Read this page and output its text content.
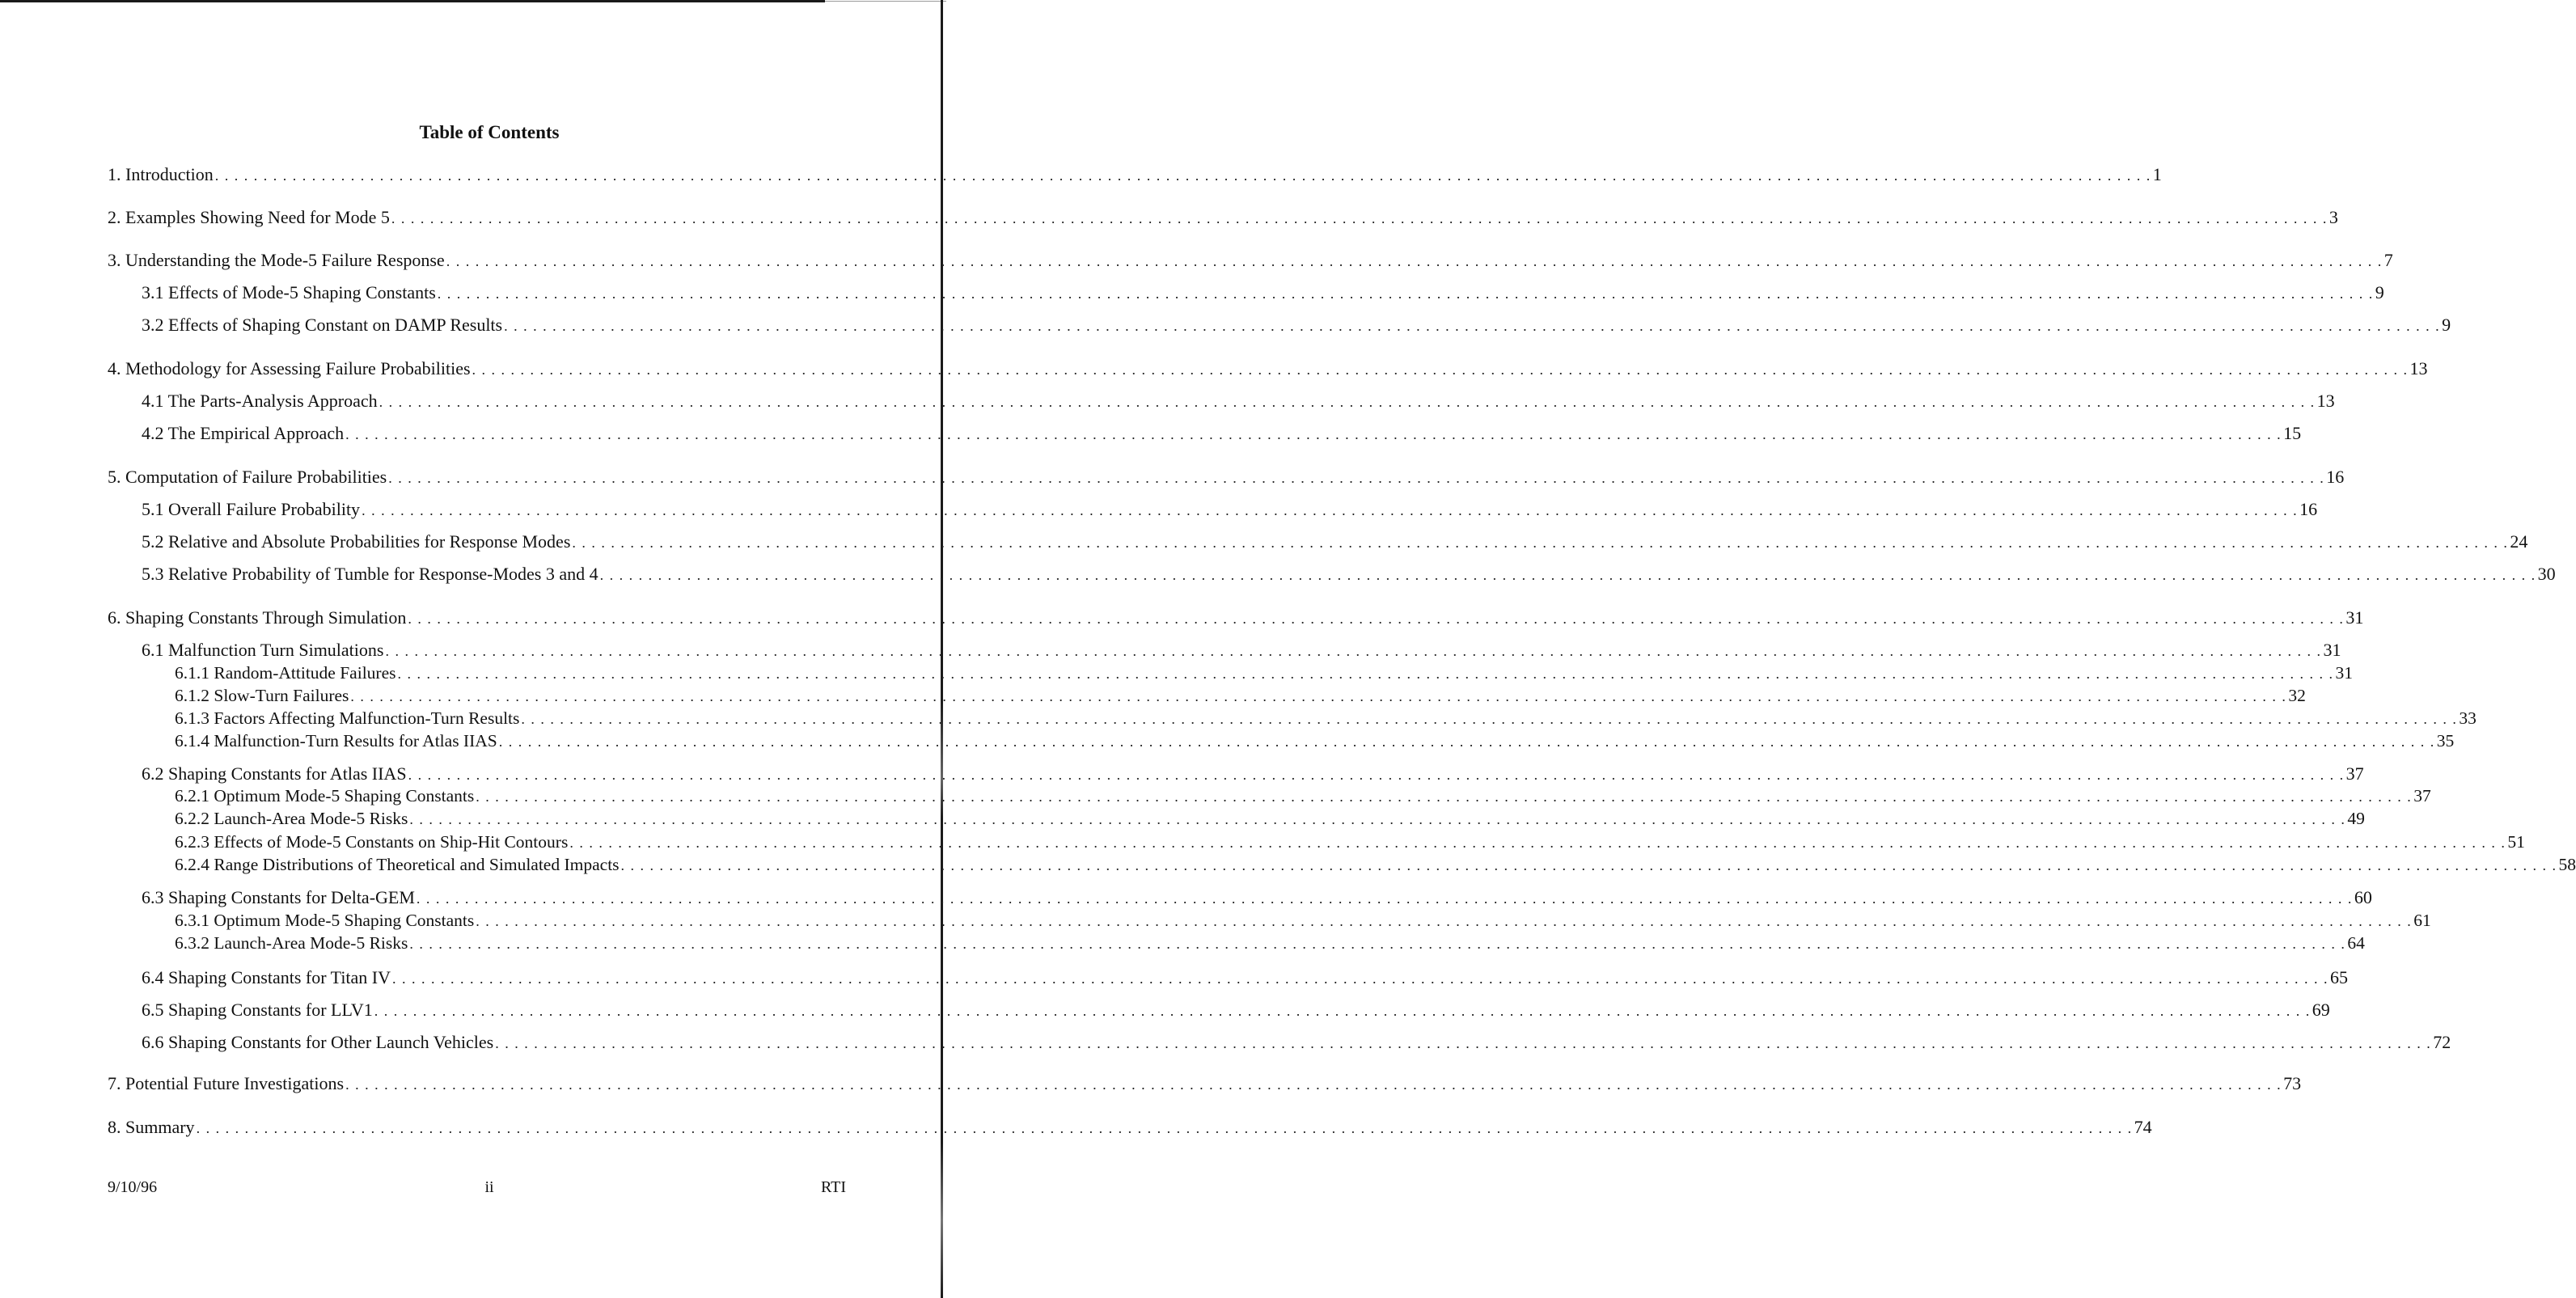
Table of Contents
1. Introduction . . . . . . . . . . . . . . . . . . . . . . . . . . . . . . . . . . . . . . . . . . . . . . . . . . . . . . . . . . . . . . . . . . . . . . . . . . . . . . . . . . . . . . . . . . . . . . . . . . . . . . . . . . . . . . . . . . . . . . . . . . . . . . . . . . . . . . . . . . . . . . . . . . . . . . . . . . . . . . . . . . . . . . . . . . . . . . . . . . . . . . . . . . . . . . . . . . . . . . . . 1
2. Examples Showing Need for Mode 5 . . . . . . . . . . . . . . . . . . . . . . . . . . . . . . . . . . . . . . . . . . . . . . . . . . . . . . . . . . . . . . . . . . . . . . . . . . . . . . . . . . . . . . . . . . . . . . . . . . . . . . . . . . . . . . . . . . . . . . . . . . . . . . . . . . . . . . . . . . . . . . . . . . . . . . . . . . . . . . . . . . . . . . . . . . . . . . . . . . . . . . . . . . . . . . . . . . . . . . . . 3
3. Understanding the Mode-5 Failure Response . . . . . . . . . . . . . . . . . . . . . . . . . . . . . . . . . . . . . . . . . . . . . . . . . . . . . . . . . . . . . . . . . . . . . . . . . . . . . . . . . . . . . . . . . . . . . . . . . . . . . . . . . . . . . . . . . . . . . . . . . . . . . . . . . . . . . . . . . . . . . . . . . . . . . . . . . . . . . . . . . . . . . . . . . . . . . . . . . . . . . . . . . . . . . . . . . . . . . . . . 7
3.1 Effects of Mode-5 Shaping Constants . . . . . . . . . . . . . . . . . . . . . . . . . . . . . . . . . . . . . . . . . . . . . . . . . . . . . . . . . . . . . . . . . . . . . . . . . . . . . . . . . . . . . . . . . . . . . . . . . . . . . . . . . . . . . . . . . . . . . . . . . . . . . . . . . . . . . . . . . . . . . . . . . . . . . . . . . . . . . . . . . . . . . . . . . . . . . . . . . . . . . . . . . . . . . . . . . . . . . . . . 9
3.2 Effects of Shaping Constant on DAMP Results . . . . . . . . . . . . . . . . . . . . . . . . . . . . . . . . . . . . . . . . . . . . . . . . . . . . . . . . . . . . . . . . . . . . . . . . . . . . . . . . . . . . . . . . . . . . . . . . . . . . . . . . . . . . . . . . . . . . . . . . . . . . . . . . . . . . . . . . . . . . . . . . . . . . . . . . . . . . . . . . . . . . . . . . . . . . . . . . . . . . . . . . . . . . . . . . . . . . . . . . 9
4. Methodology for Assessing Failure Probabilities . . . . . . . . . . . . . . . . . . . . . . . . . . . . . . . . . . . . . . . . . . . . . . . . . . . . . . . . . . . . . . . . . . . . . . . . . . . . . . . . . . . . . . . . . . . . . . . . . . . . . . . . . . . . . . . . . . . . . . . . . . . . . . . . . . . . . . . . . . . . . . . . . . . . . . . . . . . . . . . . . . . . . . . . . . . . . . . . . . . . . . . . . . . . . . . . . . . . . . . . 13
4.1 The Parts-Analysis Approach . . . . . . . . . . . . . . . . . . . . . . . . . . . . . . . . . . . . . . . . . . . . . . . . . . . . . . . . . . . . . . . . . . . . . . . . . . . . . . . . . . . . . . . . . . . . . . . . . . . . . . . . . . . . . . . . . . . . . . . . . . . . . . . . . . . . . . . . . . . . . . . . . . . . . . . . . . . . . . . . . . . . . . . . . . . . . . . . . . . . . . . . . . . . . . . . . . . . . . . . 13
4.2 The Empirical Approach . . . . . . . . . . . . . . . . . . . . . . . . . . . . . . . . . . . . . . . . . . . . . . . . . . . . . . . . . . . . . . . . . . . . . . . . . . . . . . . . . . . . . . . . . . . . . . . . . . . . . . . . . . . . . . . . . . . . . . . . . . . . . . . . . . . . . . . . . . . . . . . . . . . . . . . . . . . . . . . . . . . . . . . . . . . . . . . . . . . . . . . . . . . . . . . . . . . . . . . . 15
5. Computation of Failure Probabilities . . . . . . . . . . . . . . . . . . . . . . . . . . . . . . . . . . . . . . . . . . . . . . . . . . . . . . . . . . . . . . . . . . . . . . . . . . . . . . . . . . . . . . . . . . . . . . . . . . . . . . . . . . . . . . . . . . . . . . . . . . . . . . . . . . . . . . . . . . . . . . . . . . . . . . . . . . . . . . . . . . . . . . . . . . . . . . . . . . . . . . . . . . . . . . . . . . . . . . . . 16
5.1 Overall Failure Probability . . . . . . . . . . . . . . . . . . . . . . . . . . . . . . . . . . . . . . . . . . . . . . . . . . . . . . . . . . . . . . . . . . . . . . . . . . . . . . . . . . . . . . . . . . . . . . . . . . . . . . . . . . . . . . . . . . . . . . . . . . . . . . . . . . . . . . . . . . . . . . . . . . . . . . . . . . . . . . . . . . . . . . . . . . . . . . . . . . . . . . . . . . . . . . . . . . . . . . . . 16
5.2 Relative and Absolute Probabilities for Response Modes . . . . . . . . . . . . . . . . . . . . . . . . . . . . . . . . . . . . . . . . . . . . . . . . . . . . . . . . . . . . . . . . . . . . . . . . . . . . . . . . . . . . . . . . . . . . . . . . . . . . . . . . . . . . . . . . . . . . . . . . . . . . . . . . . . . . . . . . . . . . . . . . . . . . . . . . . . . . . . . . . . . . . . . . . . . . . . . . . . . . . . . . . . . . . . . . . . . . . . . . 24
5.3 Relative Probability of Tumble for Response-Modes 3 and 4 . . . . . . . . . . . . . . . . . . . . . . . . . . . . . . . . . . . . . . . . . . . . . . . . . . . . . . . . . . . . . . . . . . . . . . . . . . . . . . . . . . . . . . . . . . . . . . . . . . . . . . . . . . . . . . . . . . . . . . . . . . . . . . . . . . . . . . . . . . . . . . . . . . . . . . . . . . . . . . . . . . . . . . . . . . . . . . . . . . . . . . . . . . . . . . . . . . . . . . . . 30
6. Shaping Constants Through Simulation . . . . . . . . . . . . . . . . . . . . . . . . . . . . . . . . . . . . . . . . . . . . . . . . . . . . . . . . . . . . . . . . . . . . . . . . . . . . . . . . . . . . . . . . . . . . . . . . . . . . . . . . . . . . . . . . . . . . . . . . . . . . . . . . . . . . . . . . . . . . . . . . . . . . . . . . . . . . . . . . . . . . . . . . . . . . . . . . . . . . . . . . . . . . . . . . . . . . . . . . 31
6.1 Malfunction Turn Simulations . . . . . . . . . . . . . . . . . . . . . . . . . . . . . . . . . . . . . . . . . . . . . . . . . . . . . . . . . . . . . . . . . . . . . . . . . . . . . . . . . . . . . . . . . . . . . . . . . . . . . . . . . . . . . . . . . . . . . . . . . . . . . . . . . . . . . . . . . . . . . . . . . . . . . . . . . . . . . . . . . . . . . . . . . . . . . . . . . . . . . . . . . . . . . . . . . . . . . . . . 31
6.1.1 Random-Attitude Failures . . . . . . . . . . . . . . . . . . . . . . . . . . . . . . . . . . . . . . . . . . . . . . . . . . . . . . . . . . . . . . . . . . . . . . . . . . . . . . . . . . . . . . . . . . . . . . . . . . . . . . . . . . . . . . . . . . . . . . . . . . . . . . . . . . . . . . . . . . . . . . . . . . . . . . . . . . . . . . . . . . . . . . . . . . . . . . . . . . . . . . . . . . . . . . . . . . . . . . . . 31
6.1.2 Slow-Turn Failures . . . . . . . . . . . . . . . . . . . . . . . . . . . . . . . . . . . . . . . . . . . . . . . . . . . . . . . . . . . . . . . . . . . . . . . . . . . . . . . . . . . . . . . . . . . . . . . . . . . . . . . . . . . . . . . . . . . . . . . . . . . . . . . . . . . . . . . . . . . . . . . . . . . . . . . . . . . . . . . . . . . . . . . . . . . . . . . . . . . . . . . . . . . . . . . . . . . . . . . . 32
6.1.3 Factors Affecting Malfunction-Turn Results . . . . . . . . . . . . . . . . . . . . . . . . . . . . . . . . . . . . . . . . . . . . . . . . . . . . . . . . . . . . . . . . . . . . . . . . . . . . . . . . . . . . . . . . . . . . . . . . . . . . . . . . . . . . . . . . . . . . . . . . . . . . . . . . . . . . . . . . . . . . . . . . . . . . . . . . . . . . . . . . . . . . . . . . . . . . . . . . . . . . . . . . . . . . . . . . . . . . . . . . 33
6.1.4 Malfunction-Turn Results for Atlas IIAS . . . . . . . . . . . . . . . . . . . . . . . . . . . . . . . . . . . . . . . . . . . . . . . . . . . . . . . . . . . . . . . . . . . . . . . . . . . . . . . . . . . . . . . . . . . . . . . . . . . . . . . . . . . . . . . . . . . . . . . . . . . . . . . . . . . . . . . . . . . . . . . . . . . . . . . . . . . . . . . . . . . . . . . . . . . . . . . . . . . . . . . . . . . . . . . . . . . . . . . . 35
6.2 Shaping Constants for Atlas IIAS . . . . . . . . . . . . . . . . . . . . . . . . . . . . . . . . . . . . . . . . . . . . . . . . . . . . . . . . . . . . . . . . . . . . . . . . . . . . . . . . . . . . . . . . . . . . . . . . . . . . . . . . . . . . . . . . . . . . . . . . . . . . . . . . . . . . . . . . . . . . . . . . . . . . . . . . . . . . . . . . . . . . . . . . . . . . . . . . . . . . . . . . . . . . . . . . . . . . . . . . 37
6.2.1 Optimum Mode-5 Shaping Constants . . . . . . . . . . . . . . . . . . . . . . . . . . . . . . . . . . . . . . . . . . . . . . . . . . . . . . . . . . . . . . . . . . . . . . . . . . . . . . . . . . . . . . . . . . . . . . . . . . . . . . . . . . . . . . . . . . . . . . . . . . . . . . . . . . . . . . . . . . . . . . . . . . . . . . . . . . . . . . . . . . . . . . . . . . . . . . . . . . . . . . . . . . . . . . . . . . . . . . . . 37
6.2.2 Launch-Area Mode-5 Risks . . . . . . . . . . . . . . . . . . . . . . . . . . . . . . . . . . . . . . . . . . . . . . . . . . . . . . . . . . . . . . . . . . . . . . . . . . . . . . . . . . . . . . . . . . . . . . . . . . . . . . . . . . . . . . . . . . . . . . . . . . . . . . . . . . . . . . . . . . . . . . . . . . . . . . . . . . . . . . . . . . . . . . . . . . . . . . . . . . . . . . . . . . . . . . . . . . . . . . . . 49
6.2.3 Effects of Mode-5 Constants on Ship-Hit Contours . . . . . . . . . . . . . . . . . . . . . . . . . . . . . . . . . . . . . . . . . . . . . . . . . . . . . . . . . . . . . . . . . . . . . . . . . . . . . . . . . . . . . . . . . . . . . . . . . . . . . . . . . . . . . . . . . . . . . . . . . . . . . . . . . . . . . . . . . . . . . . . . . . . . . . . . . . . . . . . . . . . . . . . . . . . . . . . . . . . . . . . . . . . . . . . . . . . . . . . . 51
6.2.4 Range Distributions of Theoretical and Simulated Impacts . . . . . . . . . . . . . . . . . . . . . . . . . . . . . . . . . . . . . . . . . . . . . . . . . . . . . . . . . . . . . . . . . . . . . . . . . . . . . . . . . . . . . . . . . . . . . . . . . . . . . . . . . . . . . . . . . . . . . . . . . . . . . . . . . . . . . . . . . . . . . . . . . . . . . . . . . . . . . . . . . . . . . . . . . . . . . . . . . . . . . . . . . . . . . . . . . . . . . . . . 58
6.3 Shaping Constants for Delta-GEM . . . . . . . . . . . . . . . . . . . . . . . . . . . . . . . . . . . . . . . . . . . . . . . . . . . . . . . . . . . . . . . . . . . . . . . . . . . . . . . . . . . . . . . . . . . . . . . . . . . . . . . . . . . . . . . . . . . . . . . . . . . . . . . . . . . . . . . . . . . . . . . . . . . . . . . . . . . . . . . . . . . . . . . . . . . . . . . . . . . . . . . . . . . . . . . . . . . . . . . . 60
6.3.1 Optimum Mode-5 Shaping Constants . . . . . . . . . . . . . . . . . . . . . . . . . . . . . . . . . . . . . . . . . . . . . . . . . . . . . . . . . . . . . . . . . . . . . . . . . . . . . . . . . . . . . . . . . . . . . . . . . . . . . . . . . . . . . . . . . . . . . . . . . . . . . . . . . . . . . . . . . . . . . . . . . . . . . . . . . . . . . . . . . . . . . . . . . . . . . . . . . . . . . . . . . . . . . . . . . . . . . . . . 61
6.3.2 Launch-Area Mode-5 Risks . . . . . . . . . . . . . . . . . . . . . . . . . . . . . . . . . . . . . . . . . . . . . . . . . . . . . . . . . . . . . . . . . . . . . . . . . . . . . . . . . . . . . . . . . . . . . . . . . . . . . . . . . . . . . . . . . . . . . . . . . . . . . . . . . . . . . . . . . . . . . . . . . . . . . . . . . . . . . . . . . . . . . . . . . . . . . . . . . . . . . . . . . . . . . . . . . . . . . . . . 64
6.4 Shaping Constants for Titan IV . . . . . . . . . . . . . . . . . . . . . . . . . . . . . . . . . . . . . . . . . . . . . . . . . . . . . . . . . . . . . . . . . . . . . . . . . . . . . . . . . . . . . . . . . . . . . . . . . . . . . . . . . . . . . . . . . . . . . . . . . . . . . . . . . . . . . . . . . . . . . . . . . . . . . . . . . . . . . . . . . . . . . . . . . . . . . . . . . . . . . . . . . . . . . . . . . . . . . . . . 65
6.5 Shaping Constants for LLV1 . . . . . . . . . . . . . . . . . . . . . . . . . . . . . . . . . . . . . . . . . . . . . . . . . . . . . . . . . . . . . . . . . . . . . . . . . . . . . . . . . . . . . . . . . . . . . . . . . . . . . . . . . . . . . . . . . . . . . . . . . . . . . . . . . . . . . . . . . . . . . . . . . . . . . . . . . . . . . . . . . . . . . . . . . . . . . . . . . . . . . . . . . . . . . . . . . . . . . . . . 69
6.6 Shaping Constants for Other Launch Vehicles . . . . . . . . . . . . . . . . . . . . . . . . . . . . . . . . . . . . . . . . . . . . . . . . . . . . . . . . . . . . . . . . . . . . . . . . . . . . . . . . . . . . . . . . . . . . . . . . . . . . . . . . . . . . . . . . . . . . . . . . . . . . . . . . . . . . . . . . . . . . . . . . . . . . . . . . . . . . . . . . . . . . . . . . . . . . . . . . . . . . . . . . . . . . . . . . . . . . . . . . 72
7. Potential Future Investigations . . . . . . . . . . . . . . . . . . . . . . . . . . . . . . . . . . . . . . . . . . . . . . . . . . . . . . . . . . . . . . . . . . . . . . . . . . . . . . . . . . . . . . . . . . . . . . . . . . . . . . . . . . . . . . . . . . . . . . . . . . . . . . . . . . . . . . . . . . . . . . . . . . . . . . . . . . . . . . . . . . . . . . . . . . . . . . . . . . . . . . . . . . . . . . . . . . . . . . . . 73
8. Summary . . . . . . . . . . . . . . . . . . . . . . . . . . . . . . . . . . . . . . . . . . . . . . . . . . . . . . . . . . . . . . . . . . . . . . . . . . . . . . . . . . . . . . . . . . . . . . . . . . . . . . . . . . . . . . . . . . . . . . . . . . . . . . . . . . . . . . . . . . . . . . . . . . . . . . . . . . . . . . . . . . . . . . . . . . . . . . . . . . . . . . . . . . . . . . . . . . . . . . . . 74
9/10/96	ii	RTI
